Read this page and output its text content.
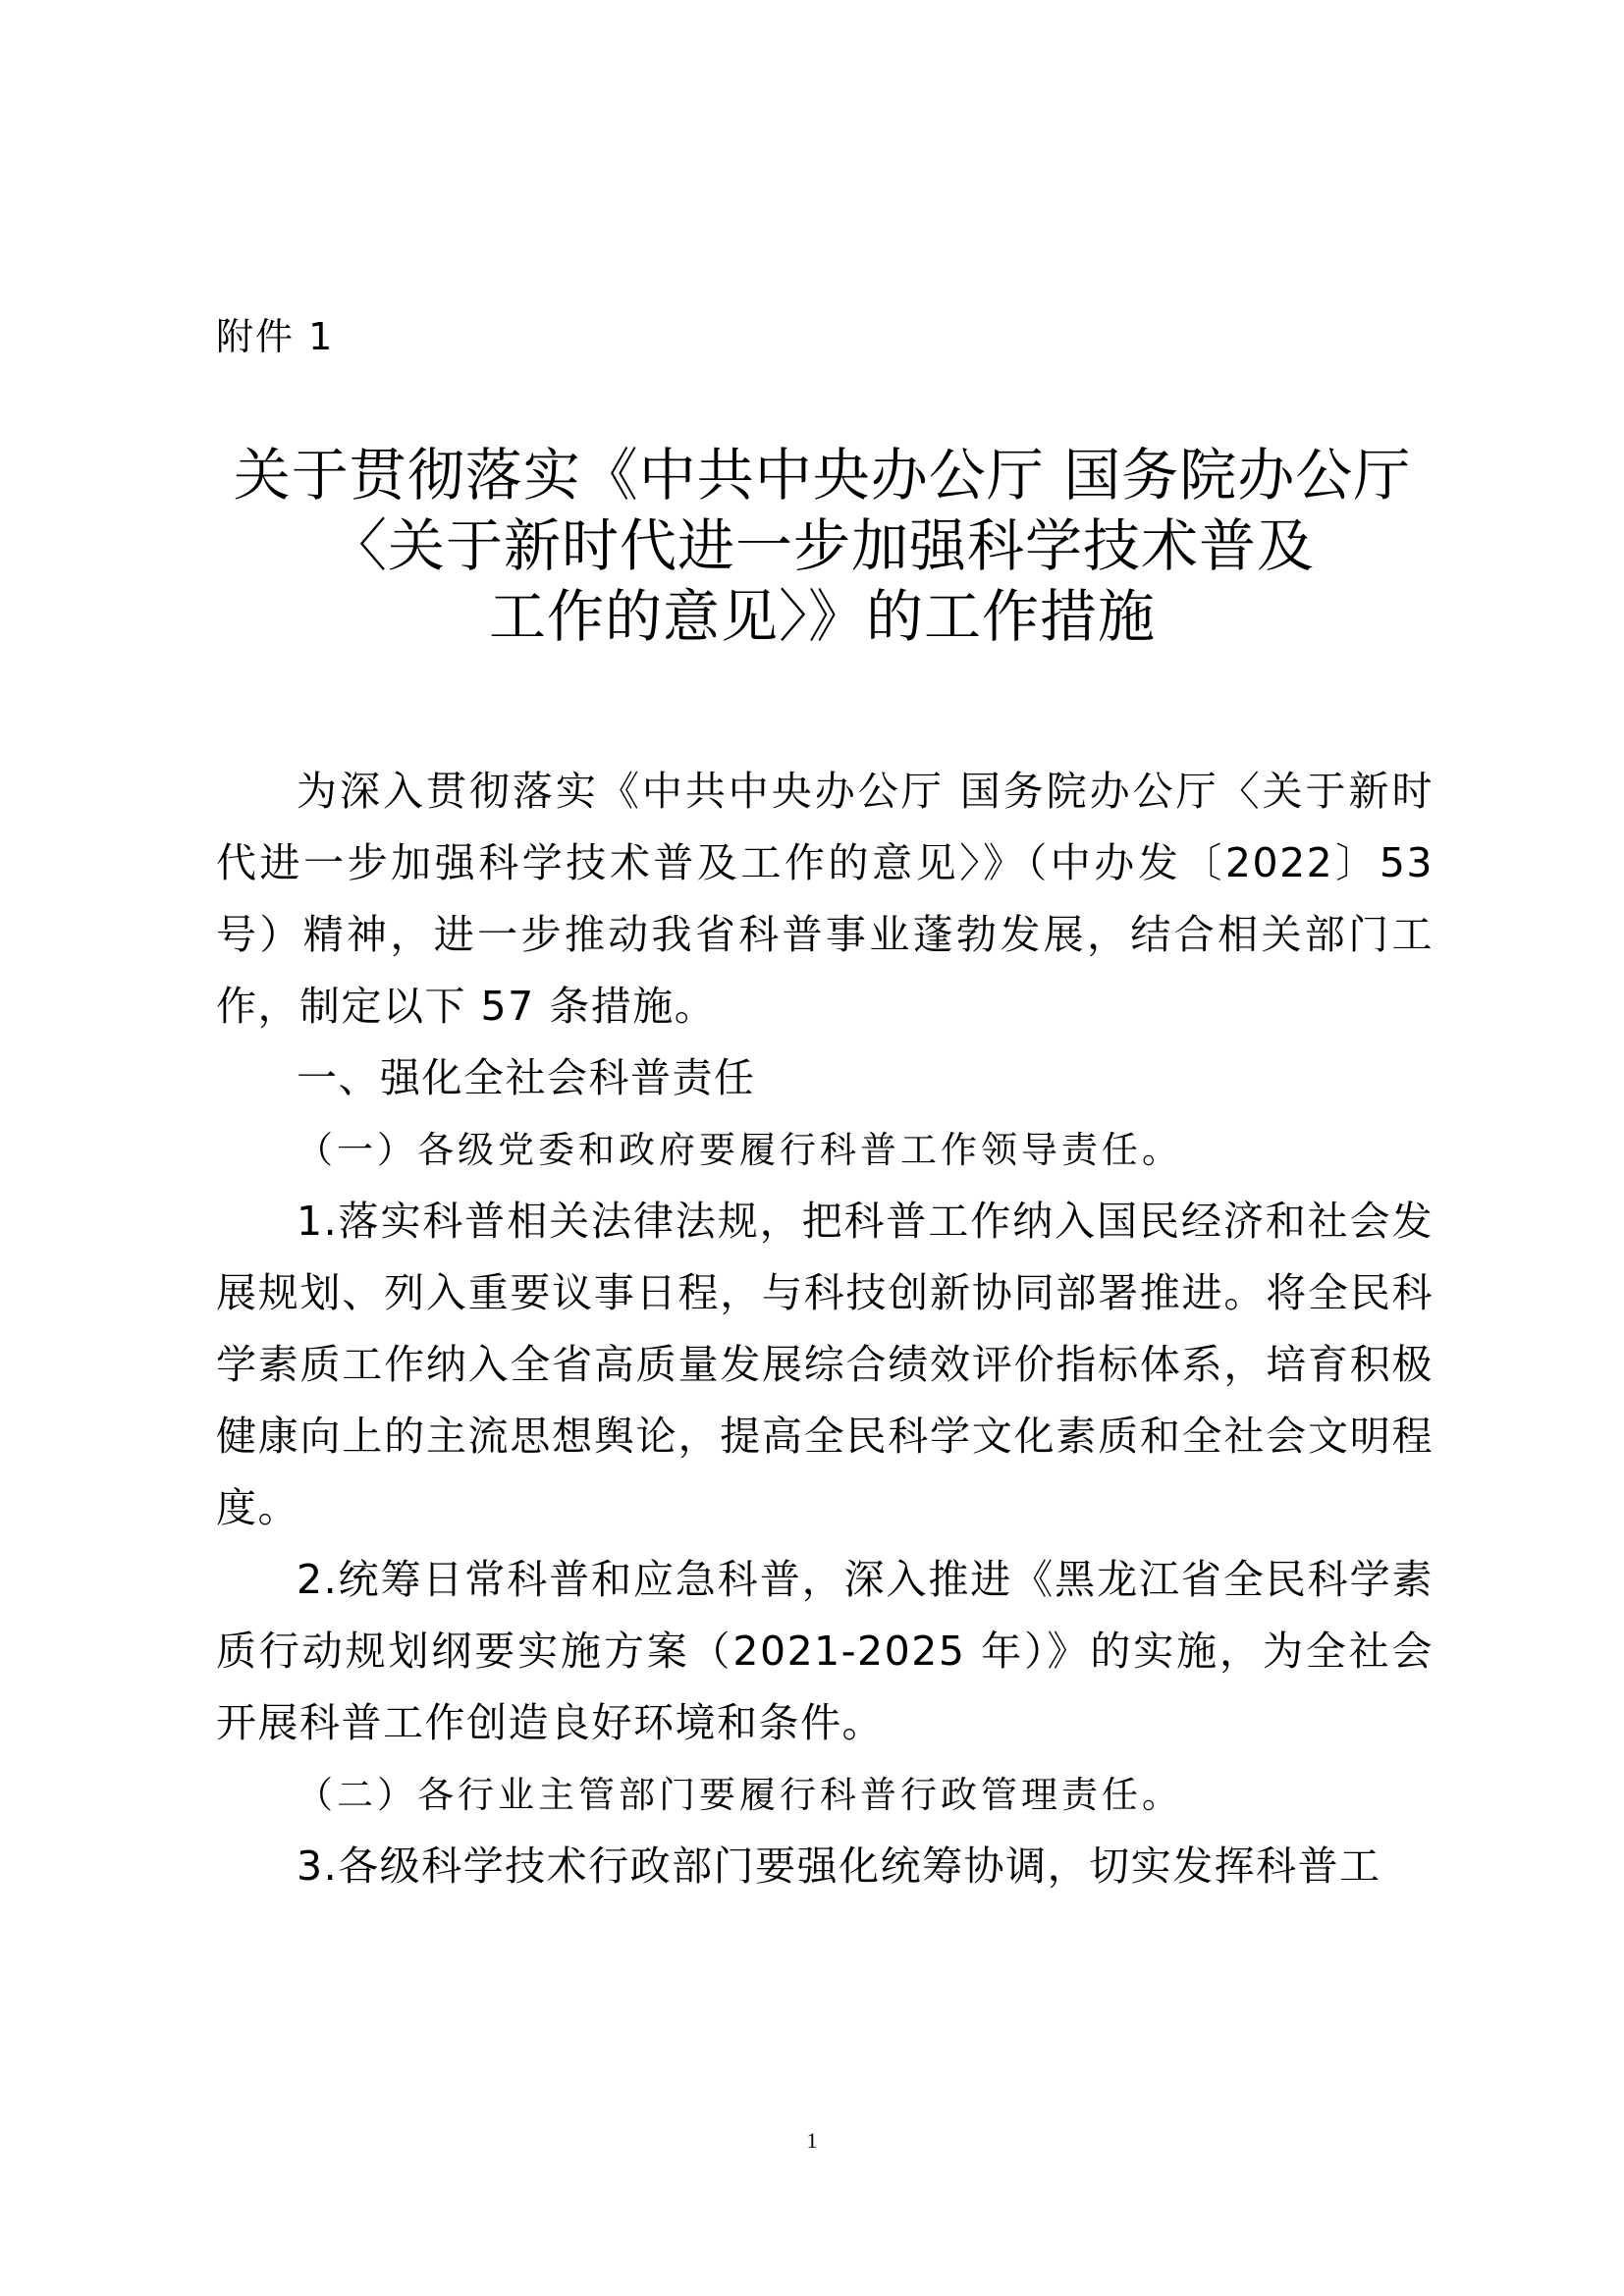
附件 1
关于贯彻落实《中共中央办公厅 国务院办公厅
〈关于新时代进一步加强科学技术普及
工作的意见〉》的工作措施

为深入贯彻落实《中共中央办公厅 国务院办公厅〈关于新时代进一步加强科学技术普及工作的意见〉》（中办发〔2022〕53 号）精神，进一步推动我省科普事业蓬勃发展，结合相关部门工作，制定以下 57 条措施。

一、强化全社会科普责任

（一）各级党委和政府要履行科普工作领导责任。

1.落实科普相关法律法规，把科普工作纳入国民经济和社会发展规划、列入重要议事日程，与科技创新协同部署推进。将全民科学素质工作纳入全省高质量发展综合绩效评价指标体系，培育积极健康向上的主流思想舆论，提高全民科学文化素质和全社会文明程度。

2.统筹日常科普和应急科普，深入推进《黑龙江省全民科学素质行动规划纲要实施方案（2021-2025 年）》的实施，为全社会开展科普工作创造良好环境和条件。

（二）各行业主管部门要履行科普行政管理责任。

3.各级科学技术行政部门要强化统筹协调，切实发挥科普工

1
